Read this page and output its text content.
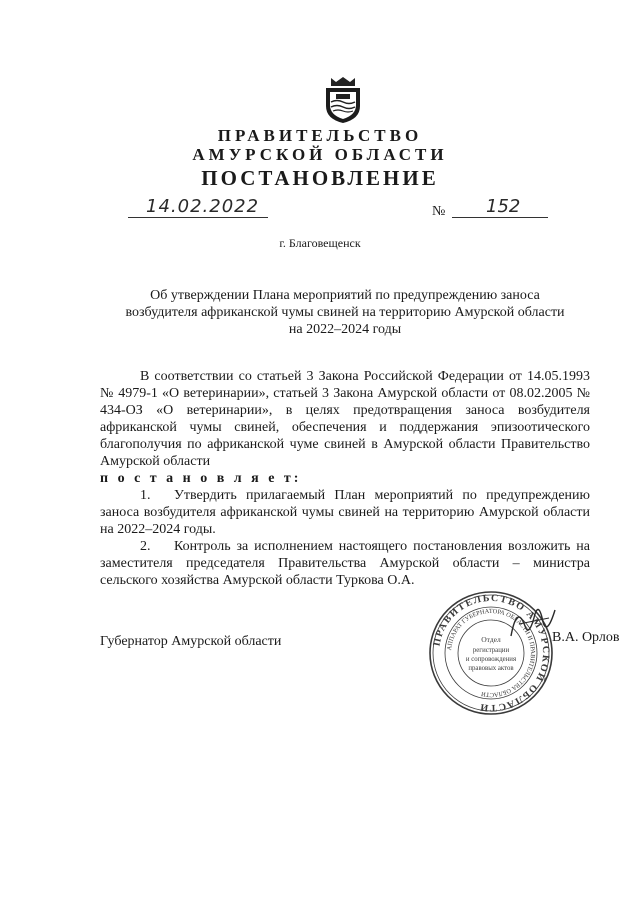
ПРАВИТЕЛЬСТВО
АМУРСКОЙ ОБЛАСТИ
ПОСТАНОВЛЕНИЕ
14.02.2022	№ 152
г. Благовещенск
Об утверждении Плана мероприятий по предупреждению заноса
возбудителя африканской чумы свиней на территорию Амурской области
на 2022–2024 годы

В соответствии со статьей 3 Закона Российской Федерации от 14.05.1993 № 4979-1 «О ветеринарии», статьей 3 Закона Амурской области от 08.02.2005 № 434-ОЗ «О ветеринарии», в целях предотвращения заноса возбудителя африканской чумы свиней, обеспечения и поддержания эпизоотического благополучия по африканской чуме свиней в Амурской области Правительство Амурской области

п о с т а н о в л я е т:

1. Утвердить прилагаемый План мероприятий по предупреждению заноса возбудителя африканской чумы свиней на территорию Амурской области на 2022–2024 годы.

2. Контроль за исполнением настоящего постановления возложить на заместителя председателя Правительства Амурской области – министра сельского хозяйства Амурской области Туркова О.А.

Губернатор Амурской области	ПРАВИТЕЛЬСТВО АМУРСКОЙ ОБЛАСТИ
АППАРАТ ГУБЕРНАТОРА ОБЛАСТИ И ПРАВИТЕЛЬСТВА ОБЛАСТИ
Отдел
регистрации
и сопровождения
правовых актов
В.А. Орлов
